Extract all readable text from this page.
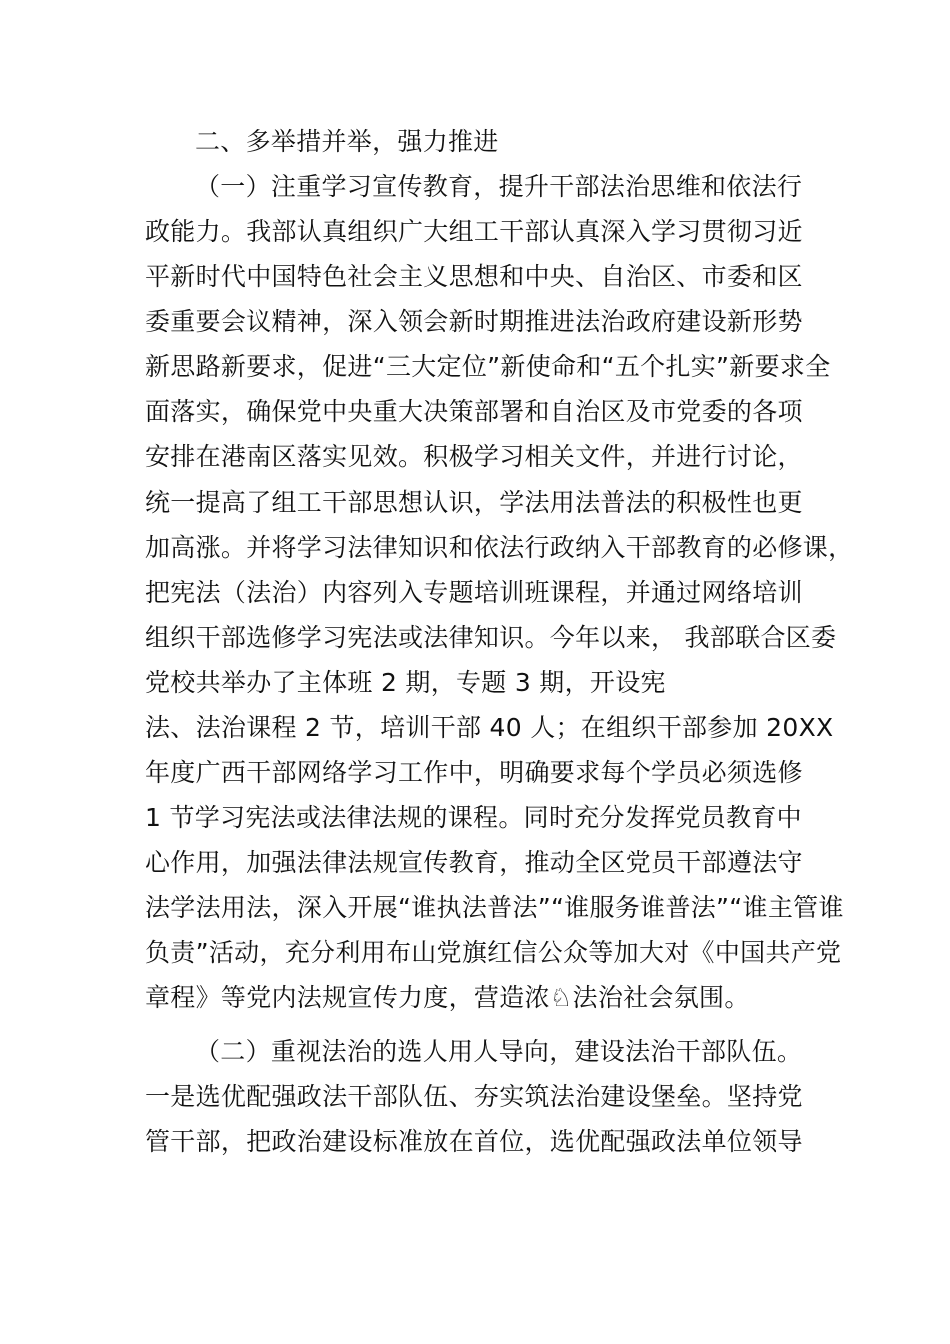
二、多举措并举，强力推进
（一）注重学习宣传教育，提升干部法治思维和依法行
政能力。我部认真组织广大组工干部认真深入学习贯彻习近
平新时代中国特色社会主义思想和中央、自治区、市委和区
委重要会议精神，深入领会新时期推进法治政府建设新形势
新思路新要求，促进“三大定位”新使命和“五个扎实”新要求全
面落实，确保党中央重大决策部署和自治区及市党委的各项
安排在港南区落实见效。积极学习相关文件，并进行讨论，
统一提高了组工干部思想认识，学法用法普法的积极性也更
加高涨。并将学习法律知识和依法行政纳入干部教育的必修课，
把宪法（法治）内容列入专题培训班课程，并通过网络培训
组织干部选修学习宪法或法律知识。今年以来， 我部联合区委
党校共举办了主体班 2 期，专题 3 期，开设宪
法、法治课程 2 节，培训干部 40 人；在组织干部参加 20XX
年度广西干部网络学习工作中，明确要求每个学员必须选修
1 节学习宪法或法律法规的课程。同时充分发挥党员教育中
心作用，加强法律法规宣传教育，推动全区党员干部遵法守
法学法用法，深入开展“谁执法普法”“谁服务谁普法”“谁主管谁
负责”活动，充分利用布山党旗红信公众等加大对《中国共产党
章程》等党内法规宣传力度，营造浓♘法治社会氛围。
（二）重视法治的选人用人导向，建设法治干部队伍。
一是选优配强政法干部队伍、夯实筑法治建设堡垒。坚持党
管干部，把政治建设标准放在首位，选优配强政法单位领导
